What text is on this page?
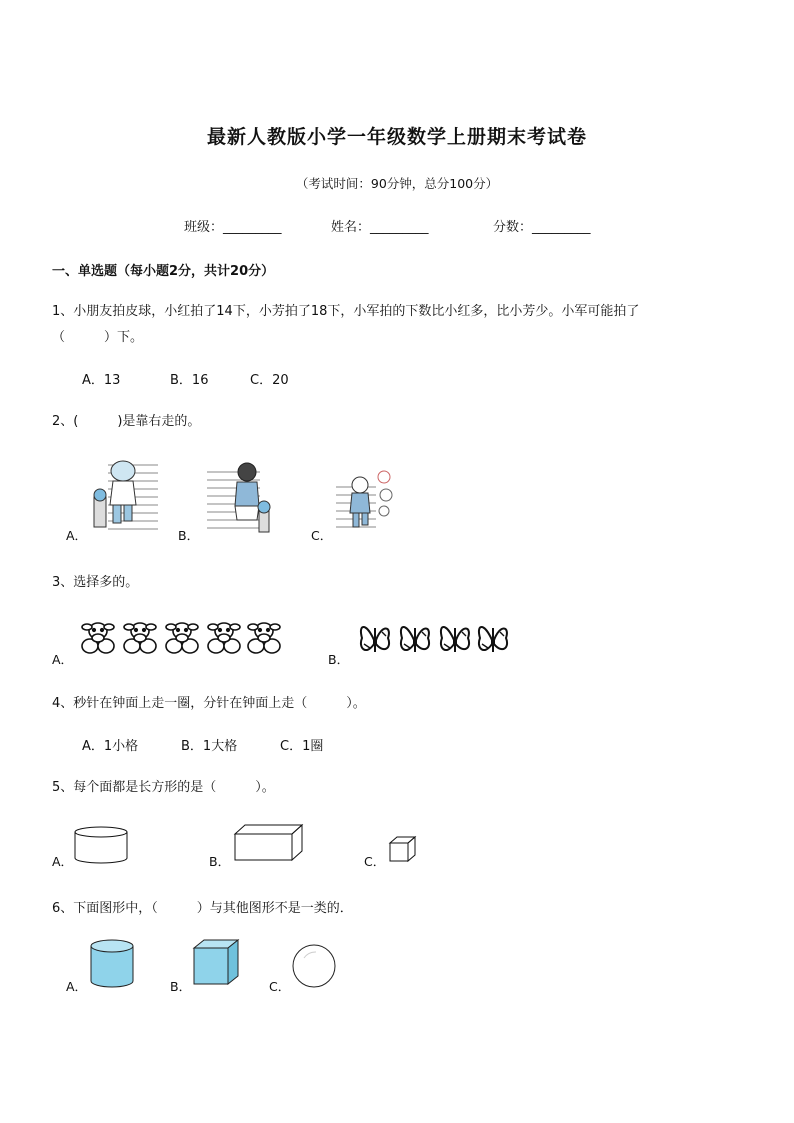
最新人教版小学一年级数学上册期末考试卷
（考试时间：90分钟，总分100分）
班级：_________	姓名：_________	分数：_________
一、单选题（每小题2分，共计20分）
1、小朋友拍皮球，小红拍了14下，小芳拍了18下，小军拍的下数比小红多，比小芳少。小军可能拍了
（　　　）下。
A．13	B．16	C．20
2、(　　　)是靠右走的。
A．	B．	C．
3、选择多的。
A．	B．
4、秒针在钟面上走一圈，分针在钟面上走（　　　）。
A．1小格	B．1大格	C．1圈
5、每个面都是长方形的是（　　　）。
A．	B．	C．
6、下面图形中，（　　　）与其他图形不是一类的．
A．	B．	C．
